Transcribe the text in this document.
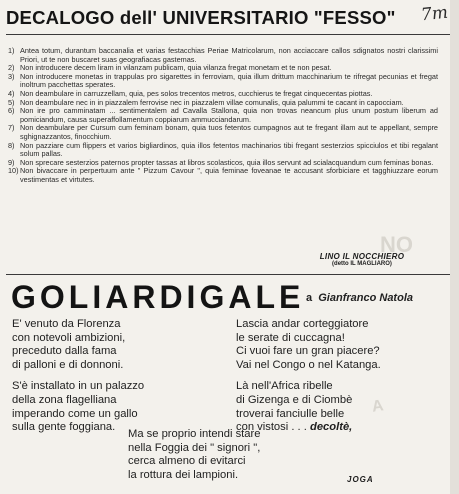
NO
A
DECALOGO dell' UNIVERSITARIO "FESSO" 7m
1) Antea totum, durantum baccanalia et varias festacchias Periae Matricolarum, non acciaccare callos sdignatos nostri clarissimi Priori, ut te non buscaret suas geografiacas gastemas.
2) Non introducere decem liram in vilanzam publicam, quia vilanza fregat monetam et te non pesat.
3) Non introducere monetas in trappulas pro sigarettes in ferroviam, quia illum drittum macchinarium te rifregat pecunias et fregat inoltrum pacchettas sperates.
4) Non deambulare in carruzzellam, quia, pes solos trecentos metros, cucchierus te fregat cinquecentas piottas.
5) Non deambulare nec in in piazzalem ferrovise nec in piazzalem villae comunalis, quia palummi te cacant in capocciam.
6) Non ire pro camminatam ... sentimentalem ad Cavalla Stallona, quia non trovas neancum plus unum postum liberum ad pomiciandum, causa superaffollamentum coppiarum ammucciandarum.
7) Non deambulare per Cursum cum feminam bonam, quia tuos fetentos cumpagnos aut te fregant illam aut te appellant, sempre sghignazzantos, finocchium.
8) Non pazziare cum flippers et varios bigliardinos, quia illos fetentos machinarios tibi fregant sesterzios spicciulos et tibi regalant solum pallas.
9) Non sprecare sesterzios paternos propter tassas at libros scolasticos, quia illos servunt ad scialacquandum cum feminas bonas.
10) Non bivaccare in perpertuum ante " Pizzum Cavour ", quia feminae foveanae te accusant sforbiciare et tagghiuzzare eorum vestimentas et virtutes.
LINO IL NOCCHIERO
(detto IL MAGLIARO)
GOLIARDIGALE a Gianfranco Natola
E' venuto da Florenza
con notevoli ambizioni,
preceduto dalla fama
di palloni e di donnoni.
S'è installato in un palazzo
della zona flagelliana
imperando come un gallo
sulla gente foggiana.
Lascia andar corteggiatore
le serate di cuccagna!
Ci vuoi fare un gran piacere?
Vai nel Congo o nel Katanga.
Là nell'Africa ribelle
di Gizenga e di Ciombè
troverai fanciulle belle
con vistosi . . . decoltè,
Ma se proprio intendi stare
nella Foggia dei " signori ",
cerca almeno di evitarci
la rottura dei lampioni.	JOGA
